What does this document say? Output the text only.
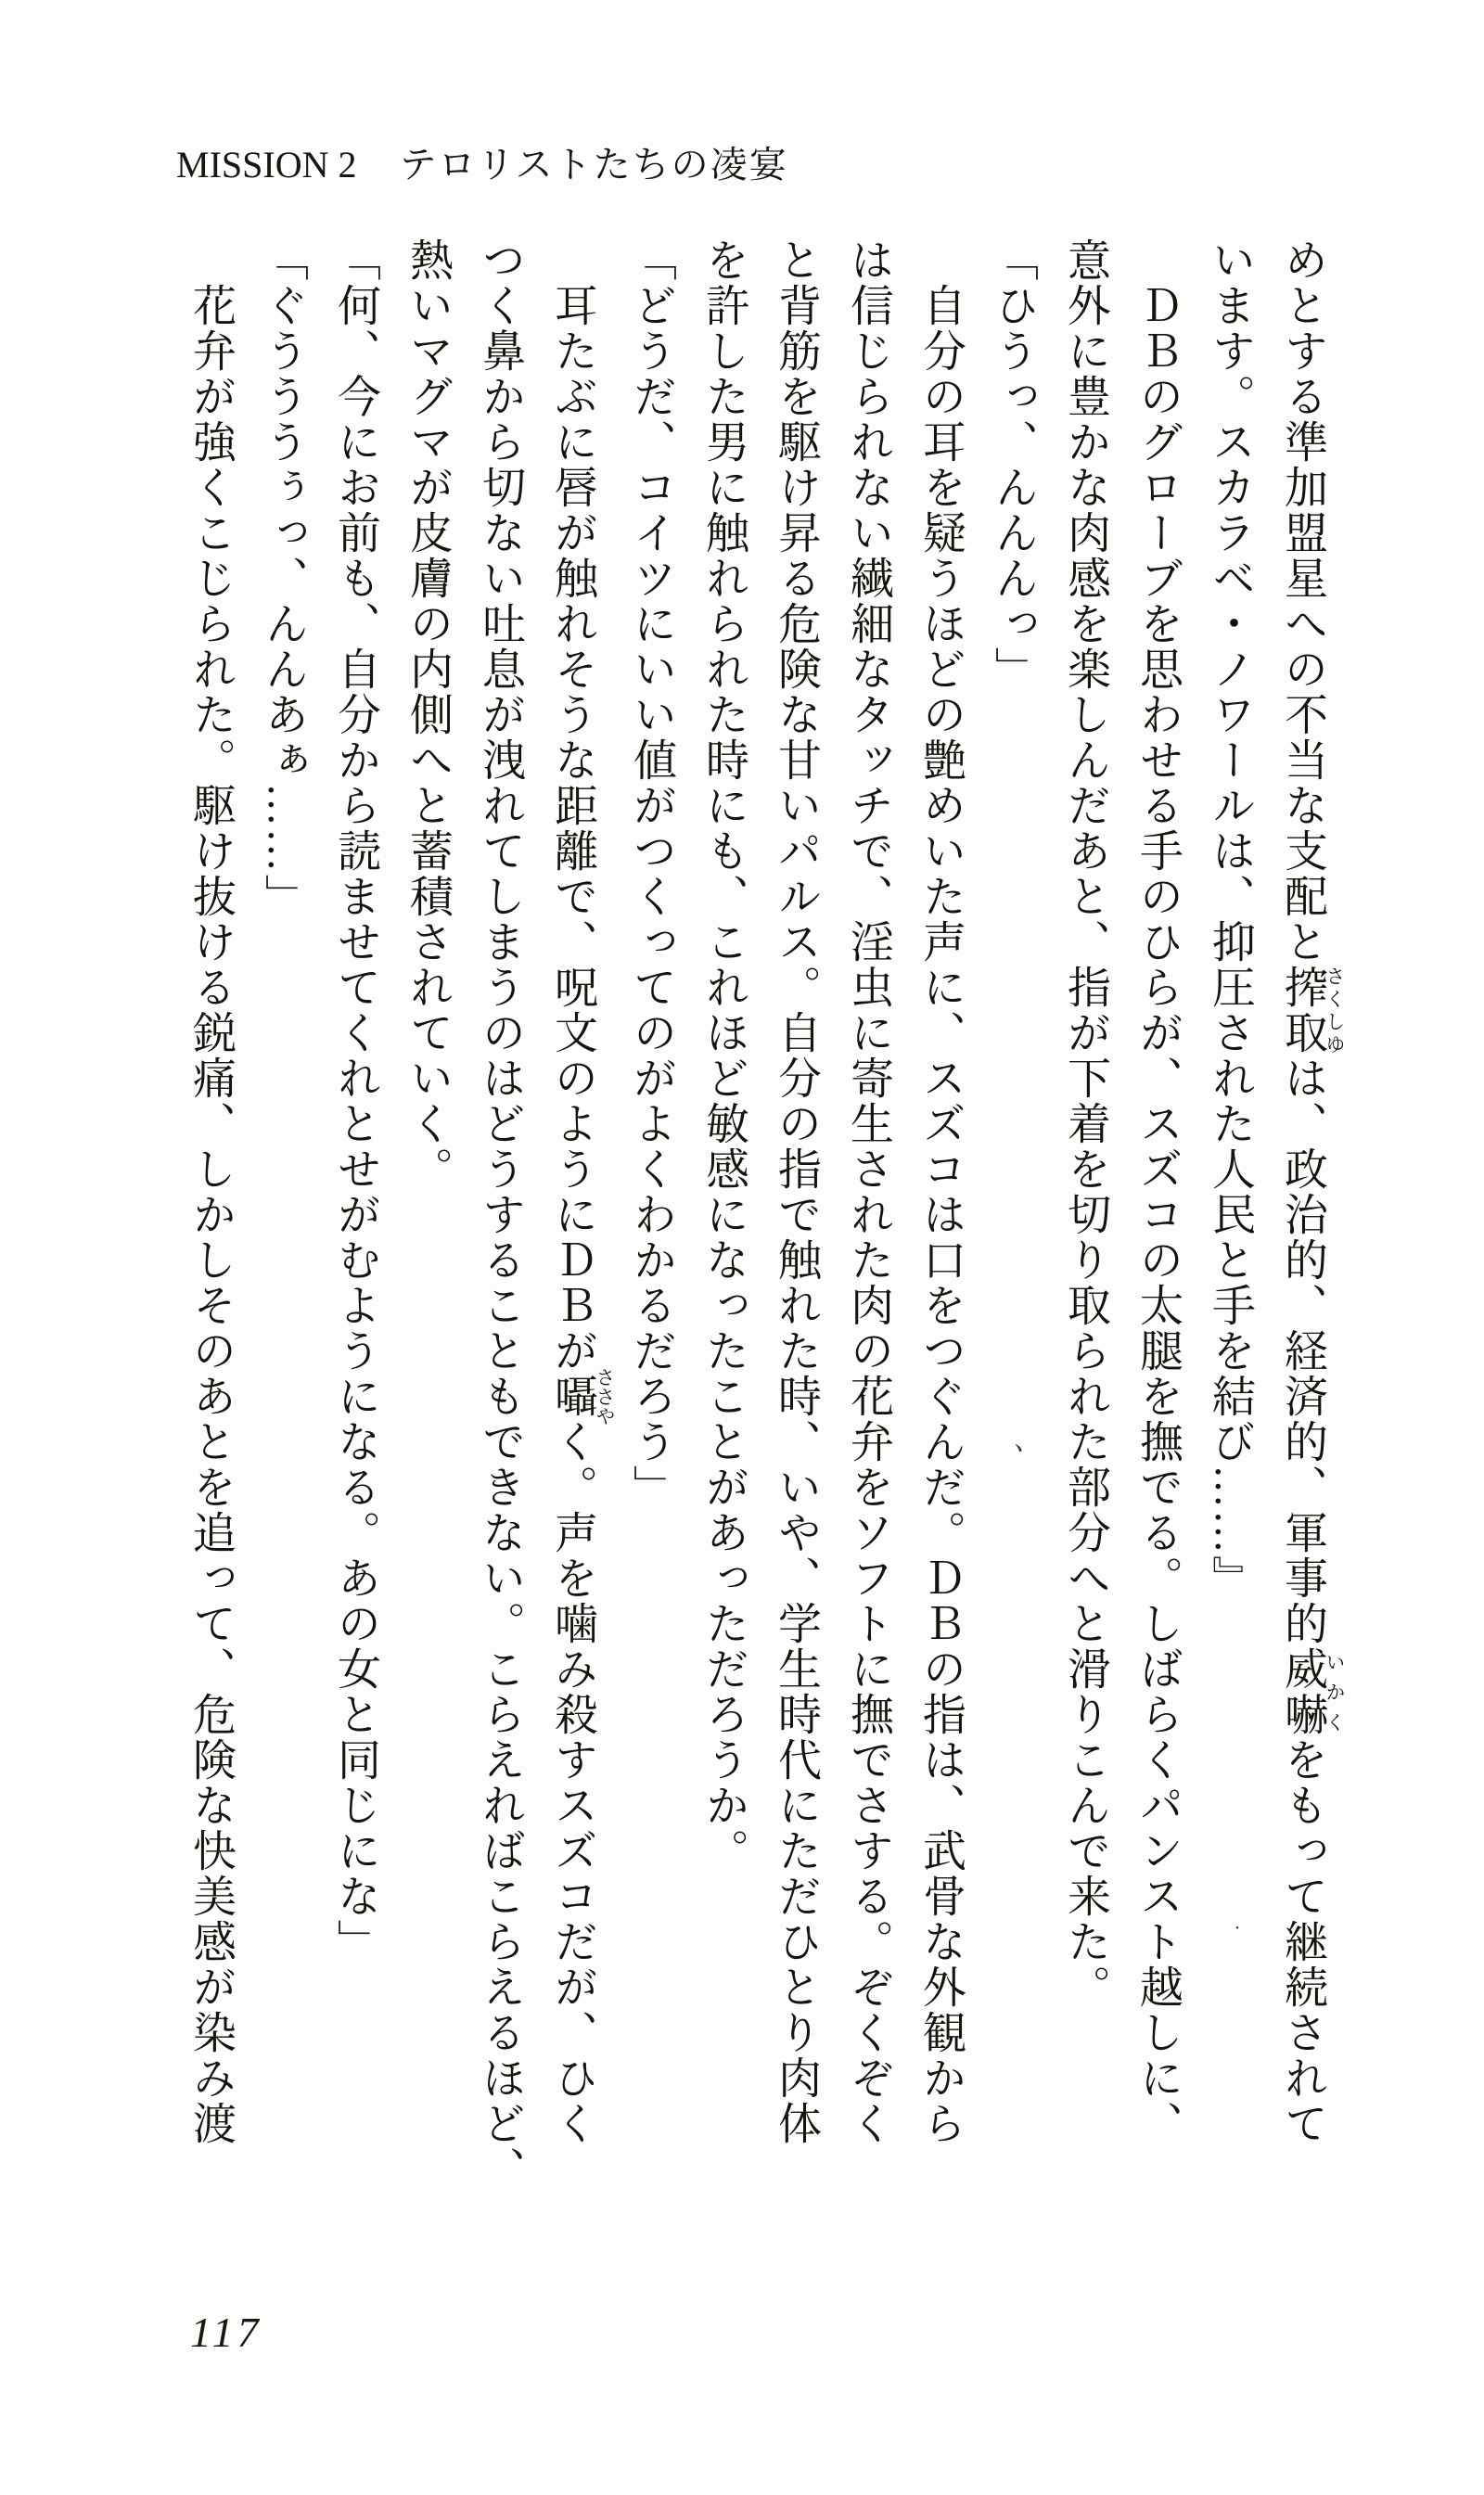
MISSION 2 テロリストたちの凌宴
めとする準加盟星への不当な支配と搾取さくしゆは、政治的、経済的、軍事的威嚇いかくをもって継続されて
います。スカラベ・ノワールは、抑圧された人民と手を結び……』
　ＤＢのグローブを思わせる手のひらが、スズコの太腿を撫でる。しばらくパンスト越しに、
意外に豊かな肉感を楽しんだあと、指が下着を切り取られた部分へと滑りこんで来た。
「ひうっ、んんんっ」
　自分の耳を疑うほどの艶めいた声に、スズコは口をつぐんだ。ＤＢの指は、武骨な外観から
は信じられない繊細なタッチで、淫虫に寄生された肉の花弁をソフトに撫でさする。ぞくぞく
と背筋を駆け昇る危険な甘いパルス。自分の指で触れた時、いや、学生時代にただひとり肉体
を許した男に触れられた時にも、これほど敏感になったことがあっただろうか。
「どうだ、コイツにいい値がつくってのがよくわかるだろう」
　耳たぶに唇が触れそうな距離で、呪文のようにＤＢが囁ささやく。声を噛み殺すスズコだが、ひく
つく鼻から切ない吐息が洩れてしまうのはどうすることもできない。こらえればこらえるほど、
熱いマグマが皮膚の内側へと蓄積されていく。
「何、今にお前も、自分から読ませてくれとせがむようになる。あの女と同じにな」
「ぐうううぅっ、んんあぁ……」
　花弁が強くこじられた。駆け抜ける鋭痛、しかしそのあとを追って、危険な快美感が染み渡	、
・
117
